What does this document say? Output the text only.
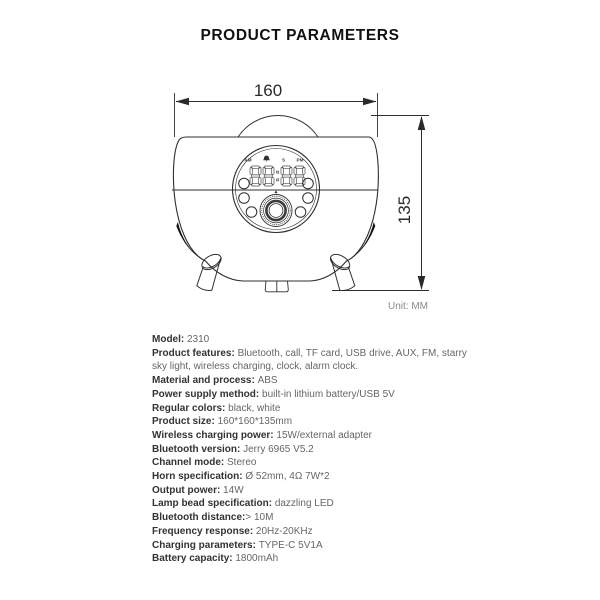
PRODUCT PARAMETERS
160
135
AM	S	PM
Unit: MM
Model: 2310
Product features: Bluetooth, call, TF card, USB drive, AUX, FM, starry
sky light, wireless charging, clock, alarm clock.
Material and process: ABS
Power supply method: built-in lithium battery/USB 5V
Regular colors: black, white
Product size: 160*160*135mm
Wireless charging power: 15W/external adapter
Bluetooth version: Jerry 6965 V5.2
Channel mode: Stereo
Horn specification: Ø 52mm, 4Ω 7W*2
Output power: 14W
Lamp bead specification: dazzling LED
Bluetooth distance:> 10M
Frequency response: 20Hz-20KHz
Charging parameters: TYPE-C 5V1A
Battery capacity: 1800mAh
